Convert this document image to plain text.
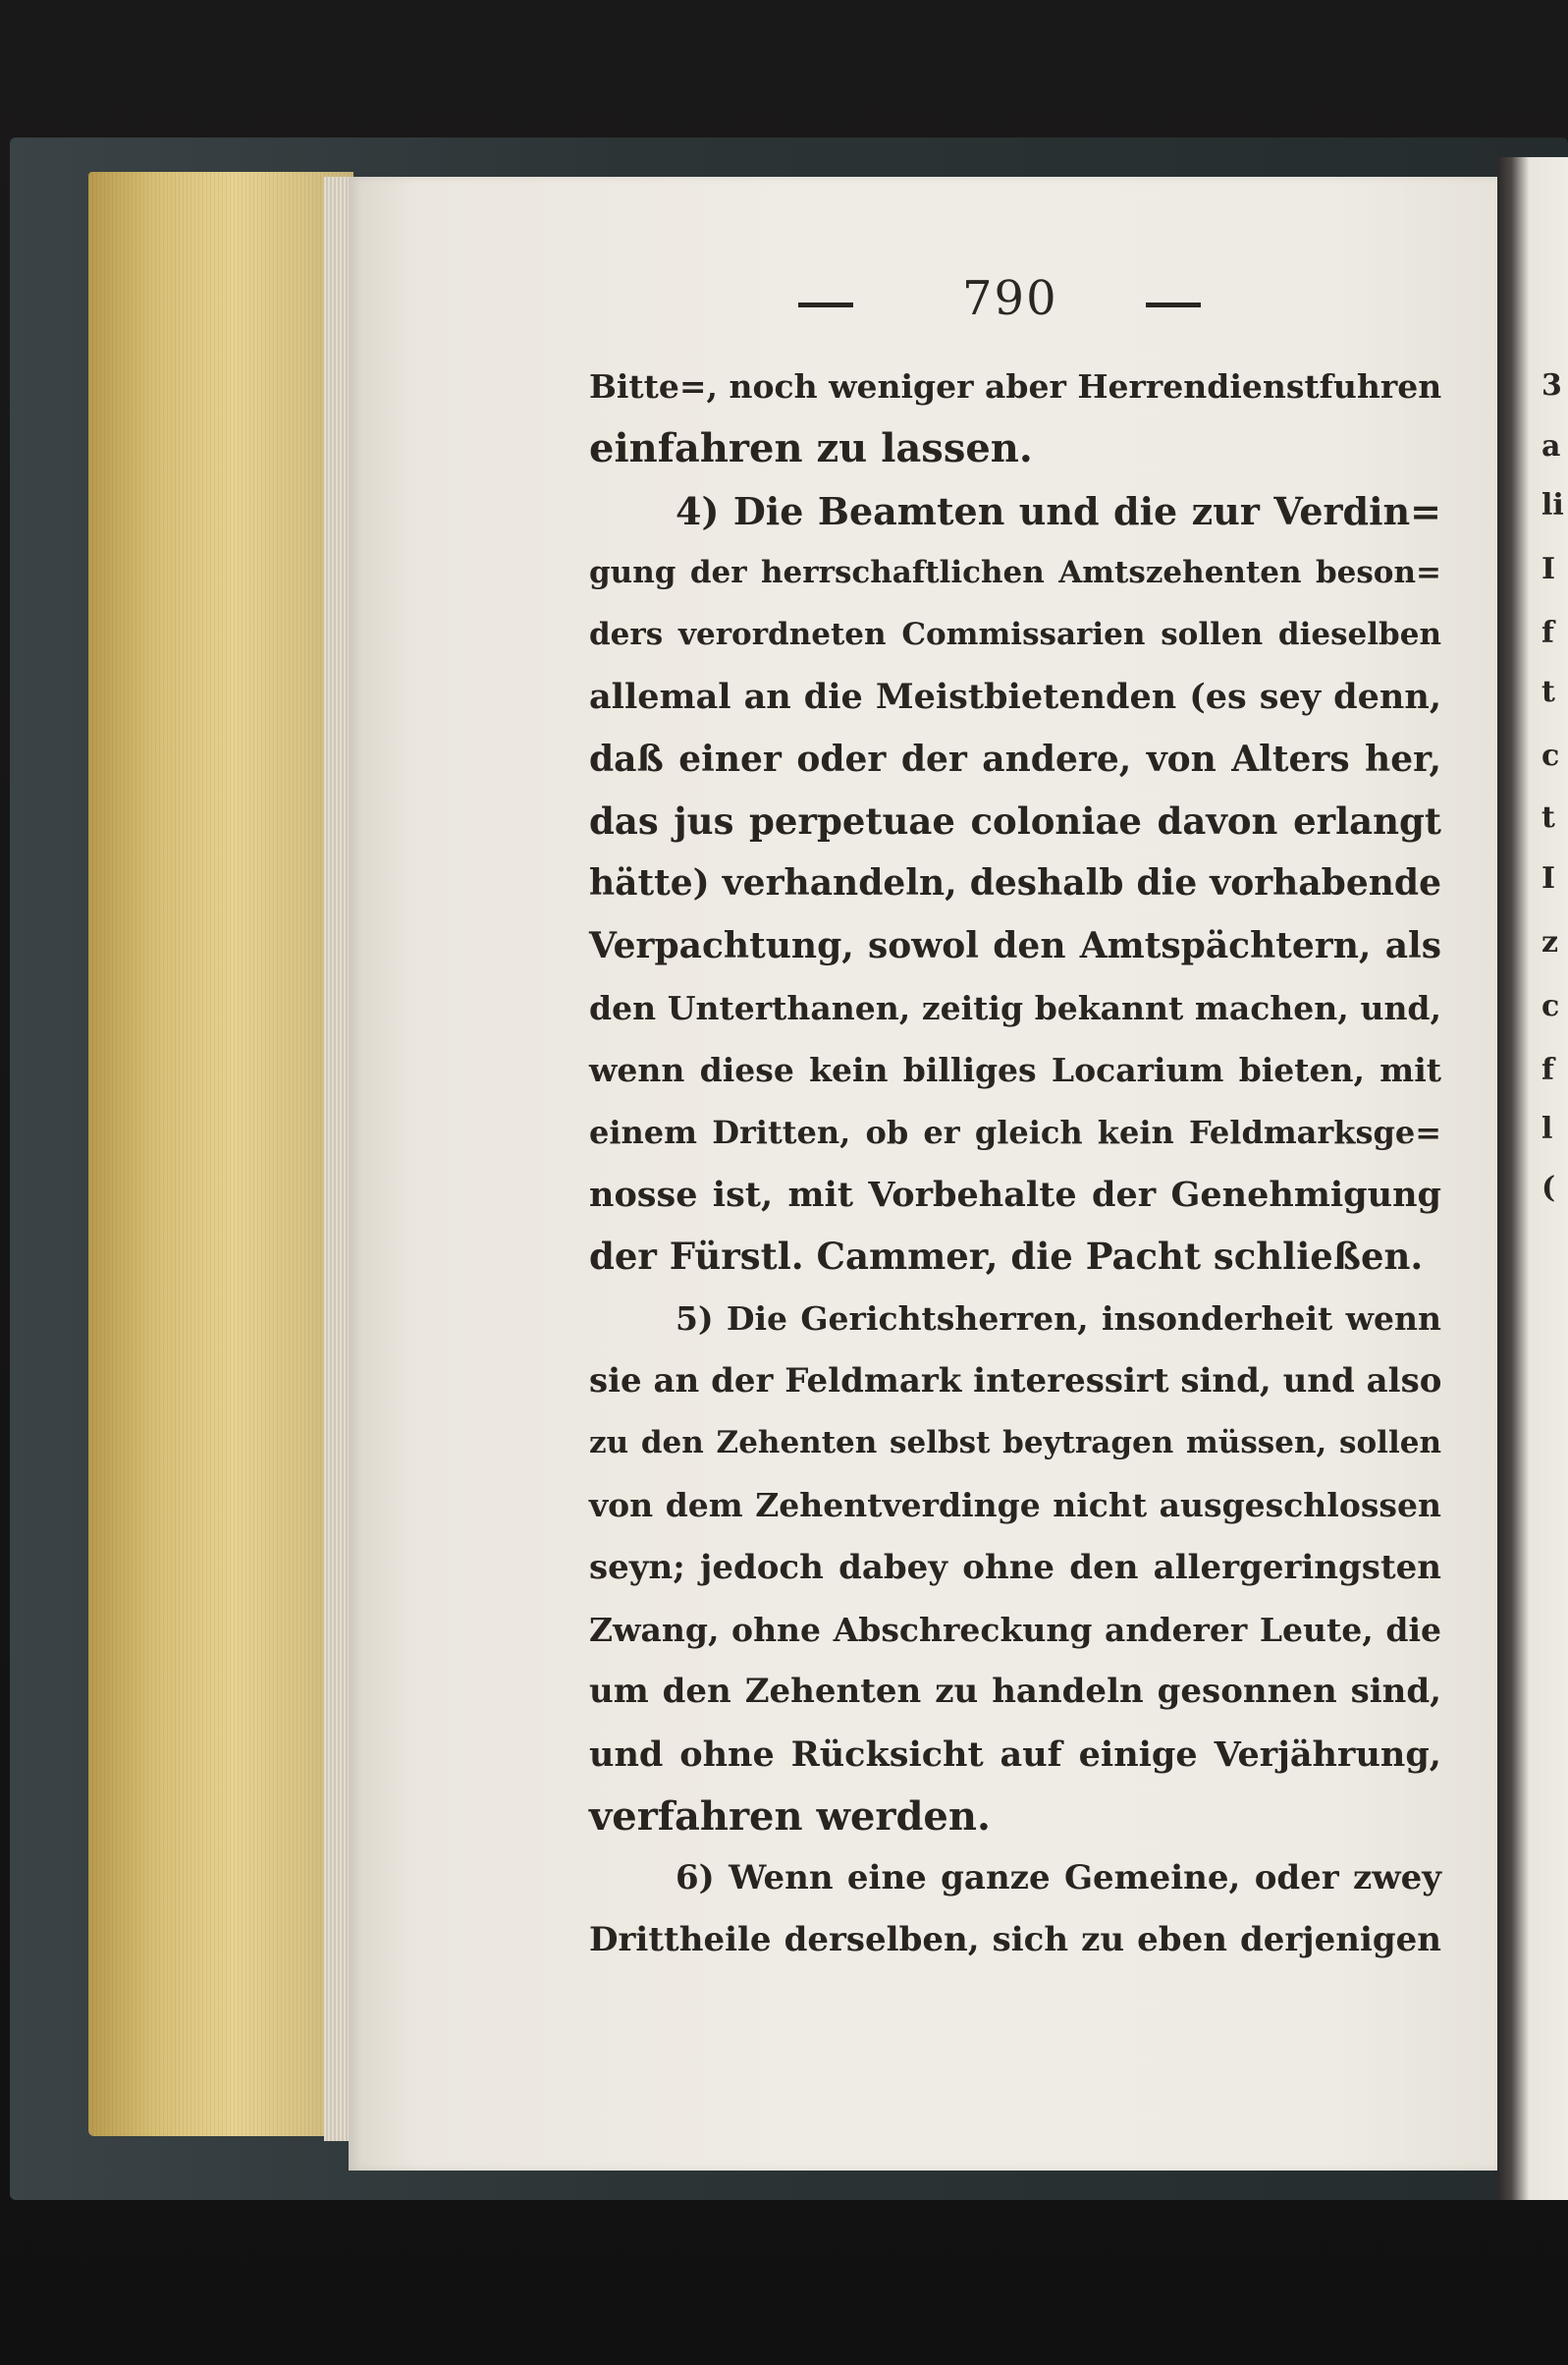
3
a
li
I
f
t
c
t
I
z
c
f
l
(
790
Bitte=, noch weniger aber Herrendienstfuhren
einfahren zu lassen.
4) Die Beamten und die zur Verdin=
gung der herrschaftlichen Amtszehenten beson=
ders verordneten Commissarien sollen dieselben
allemal an die Meistbietenden (es sey denn,
daß einer oder der andere, von Alters her,
das jus perpetuae coloniae davon erlangt
hätte) verhandeln, deshalb die vorhabende
Verpachtung, sowol den Amtspächtern, als
den Unterthanen, zeitig bekannt machen, und,
wenn diese kein billiges Locarium bieten, mit
einem Dritten, ob er gleich kein Feldmarksge=
nosse ist, mit Vorbehalte der Genehmigung
der Fürstl. Cammer, die Pacht schließen.
5) Die Gerichtsherren, insonderheit wenn
sie an der Feldmark interessirt sind, und also
zu den Zehenten selbst beytragen müssen, sollen
von dem Zehentverdinge nicht ausgeschlossen
seyn; jedoch dabey ohne den allergeringsten
Zwang, ohne Abschreckung anderer Leute, die
um den Zehenten zu handeln gesonnen sind,
und ohne Rücksicht auf einige Verjährung,
verfahren werden.
6) Wenn eine ganze Gemeine, oder zwey
Drittheile derselben, sich zu eben derjenigen
